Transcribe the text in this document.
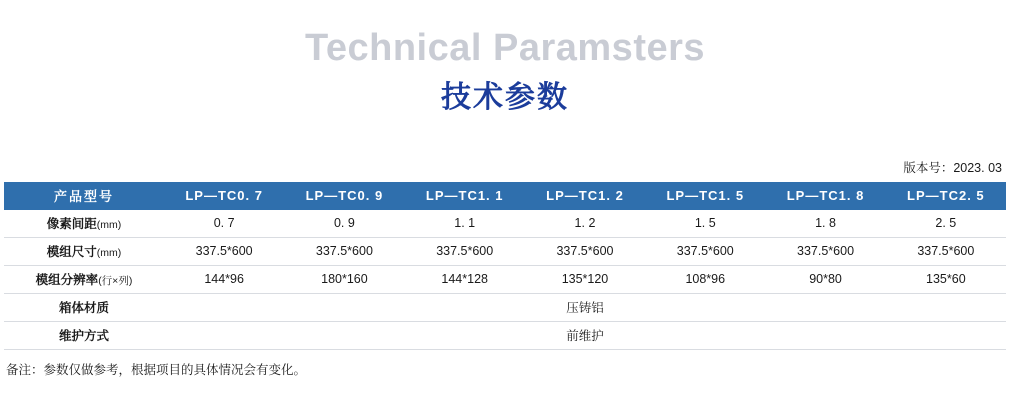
Technical Paramsters
技术参数
版本号：2023. 03
产品型号	LP—TC0. 7	LP—TC0. 9	LP—TC1. 1	LP—TC1. 2	LP—TC1. 5	LP—TC1. 8	LP—TC2. 5
像素间距(mm)	0. 7	0. 9	1. 1	1. 2	1. 5	1. 8	2. 5
模组尺寸(mm)	337.5*600	337.5*600	337.5*600	337.5*600	337.5*600	337.5*600	337.5*600
模组分辨率(行×列)	144*96	180*160	144*128	135*120	108*96	90*80	135*60
箱体材质	压铸铝						
维护方式	前维护						
备注：参数仅做参考，根据项目的具体情况会有变化。
